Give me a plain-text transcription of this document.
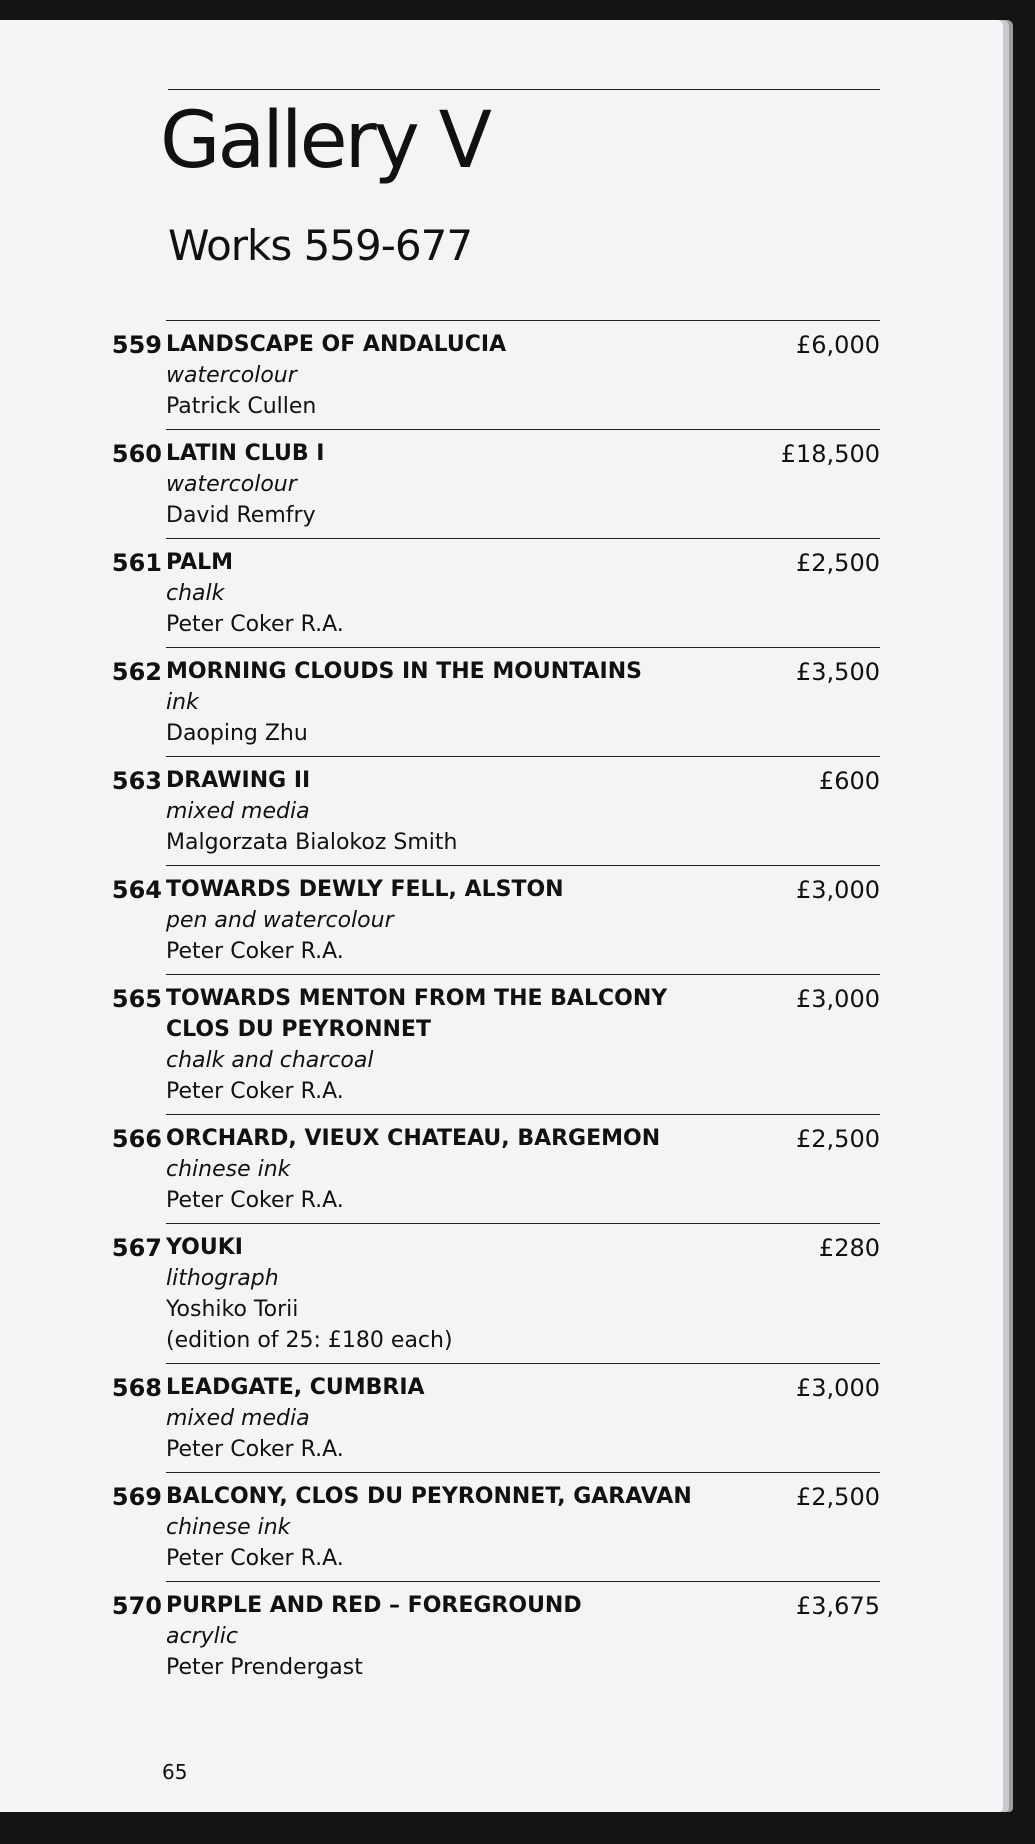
Gallery V
Works 559-677
559 LANDSCAPE OF ANDALUCIA
watercolour
Patrick Cullen
£6,000
560 LATIN CLUB I
watercolour
David Remfry
£18,500
561 PALM
chalk
Peter Coker R.A.
£2,500
562 MORNING CLOUDS IN THE MOUNTAINS
ink
Daoping Zhu
£3,500
563 DRAWING II
mixed media
Malgorzata Bialokoz Smith
£600
564 TOWARDS DEWLY FELL, ALSTON
pen and watercolour
Peter Coker R.A.
£3,000
565 TOWARDS MENTON FROM THE BALCONY CLOS DU PEYRONNET
chalk and charcoal
Peter Coker R.A.
£3,000
566 ORCHARD, VIEUX CHATEAU, BARGEMON
chinese ink
Peter Coker R.A.
£2,500
567 YOUKI
lithograph
Yoshiko Torii
(edition of 25: £180 each)
£280
568 LEADGATE, CUMBRIA
mixed media
Peter Coker R.A.
£3,000
569 BALCONY, CLOS DU PEYRONNET, GARAVAN
chinese ink
Peter Coker R.A.
£2,500
570 PURPLE AND RED – FOREGROUND
acrylic
Peter Prendergast
£3,675
65
